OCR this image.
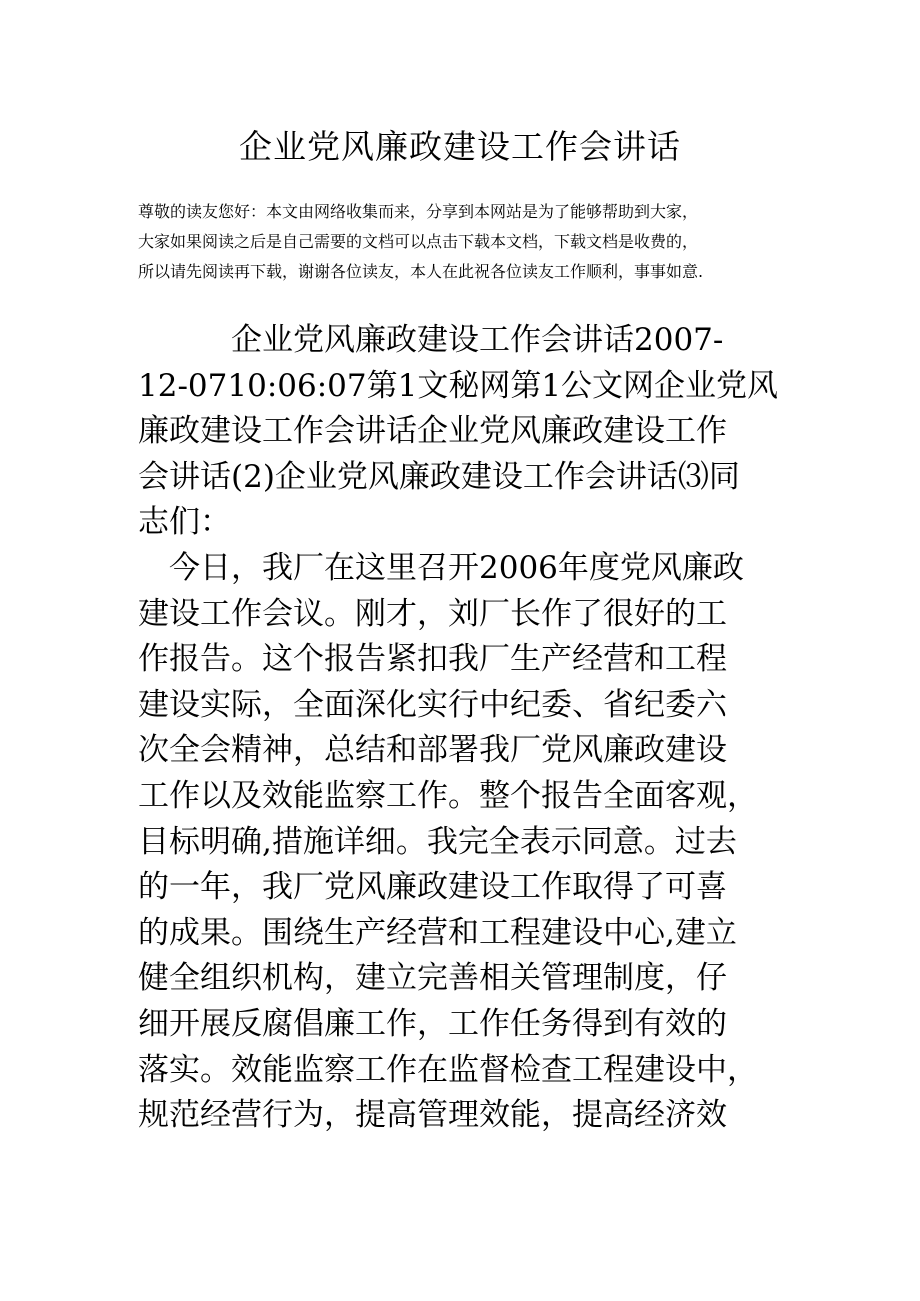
企业党风廉政建设工作会讲话
尊敬的读友您好：本文由网络收集而来，分享到本网站是为了能够帮助到大家，
大家如果阅读之后是自己需要的文档可以点击下载本文档，下载文档是收费的，
所以请先阅读再下载，谢谢各位读友，本人在此祝各位读友工作顺利，事事如意.
　　　企业党风廉政建设工作会讲话2007-
12-0710:06:07第1文秘网第1公文网企业党风
廉政建设工作会讲话企业党风廉政建设工作
会讲话(2)企业党风廉政建设工作会讲话⑶同
志们：
　今日，我厂在这里召开2006年度党风廉政
建设工作会议。刚才，刘厂长作了很好的工
作报告。这个报告紧扣我厂生产经营和工程
建设实际，全面深化实行中纪委、省纪委六
次全会精神，总结和部署我厂党风廉政建设
工作以及效能监察工作。整个报告全面客观，
目标明确,措施详细。我完全表示同意。过去
的一年，我厂党风廉政建设工作取得了可喜
的成果。围绕生产经营和工程建设中心,建立
健全组织机构，建立完善相关管理制度，仔
细开展反腐倡廉工作，工作任务得到有效的
落实。效能监察工作在监督检查工程建设中，
规范经营行为，提高管理效能，提高经济效
